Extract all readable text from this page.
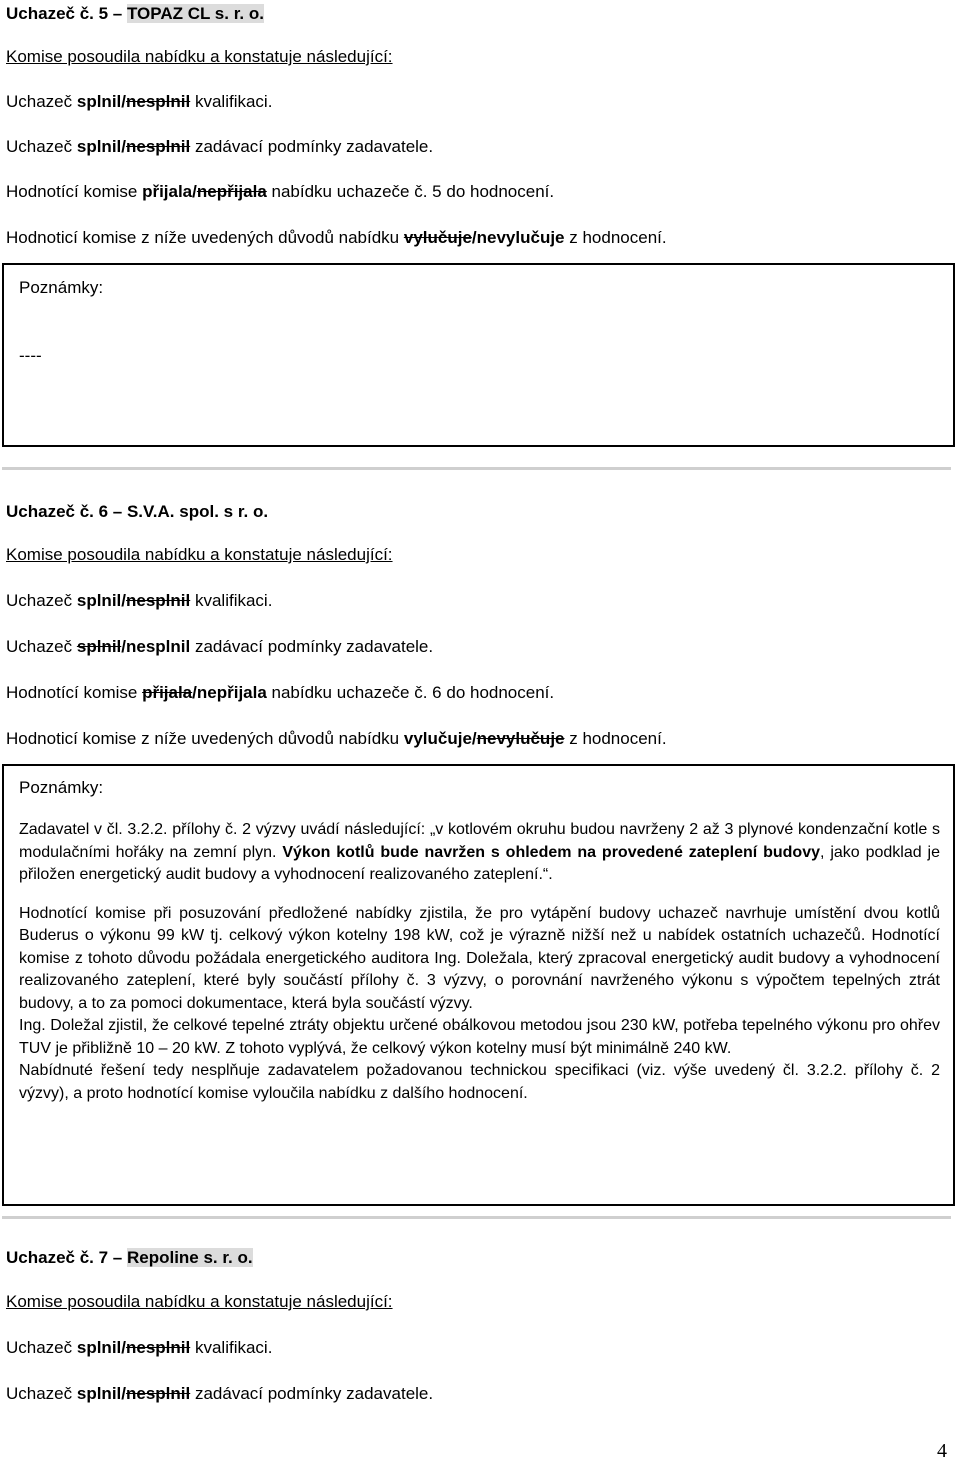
Uchazeč č. 5 – TOPAZ CL s. r. o.
Komise posoudila nabídku a konstatuje následující:
Uchazeč splnil/nesplnil kvalifikaci.
Uchazeč splnil/nesplnil zadávací podmínky zadavatele.
Hodnotící komise přijala/nepřijala nabídku uchazeče č. 5 do hodnocení.
Hodnoticí komise z níže uvedených důvodů nabídku vylučuje/nevylučuje z hodnocení.
Poznámky:
----
Uchazeč č. 6 – S.V.A. spol. s r. o.
Komise posoudila nabídku a konstatuje následující:
Uchazeč splnil/nesplnil kvalifikaci.
Uchazeč splnil/nesplnil zadávací podmínky zadavatele.
Hodnotící komise přijala/nepřijala nabídku uchazeče č. 6 do hodnocení.
Hodnoticí komise z níže uvedených důvodů nabídku vylučuje/nevylučuje z hodnocení.
Poznámky:

Zadavatel v čl. 3.2.2. přílohy č. 2 výzvy uvádí následující: „v kotlovém okruhu budou navrženy 2 až 3 plynové kondenzační kotle s modulačními hořáky na zemní plyn. Výkon kotlů bude navržen s ohledem na provedené zateplení budovy, jako podklad je přiložen energetický audit budovy a vyhodnocení realizovaného zateplení.“.

Hodnotící komise při posuzování předložené nabídky zjistila, že pro vytápění budovy uchazeč navrhuje umístění dvou kotlů Buderus o výkonu 99 kW tj. celkový výkon kotelny 198 kW, což je výrazně nižší než u nabídek ostatních uchazečů. Hodnotící komise z tohoto důvodu požádala energetického auditora Ing. Doležala, který zpracoval energetický audit budovy a vyhodnocení realizovaného zateplení, které byly součástí přílohy č. 3 výzvy, o porovnání navrženého výkonu s výpočtem tepelných ztrát budovy, a to za pomoci dokumentace, která byla součástí výzvy.

Ing. Doležal zjistil, že celkové tepelné ztráty objektu určené obálkovou metodou jsou 230 kW, potřeba tepelného výkonu pro ohřev TUV je přibližně 10 – 20 kW. Z tohoto vyplývá, že celkový výkon kotelny musí být minimálně 240 kW.

Nabídnuté řešení tedy nesplňuje zadavatelem požadovanou technickou specifikaci (viz. výše uvedený čl. 3.2.2. přílohy č. 2 výzvy), a proto hodnotící komise vyloučila nabídku z dalšího hodnocení.

Uchazeč č. 7 – Repoline s. r. o.
Komise posoudila nabídku a konstatuje následující:
Uchazeč splnil/nesplnil kvalifikaci.
Uchazeč splnil/nesplnil zadávací podmínky zadavatele.
4
